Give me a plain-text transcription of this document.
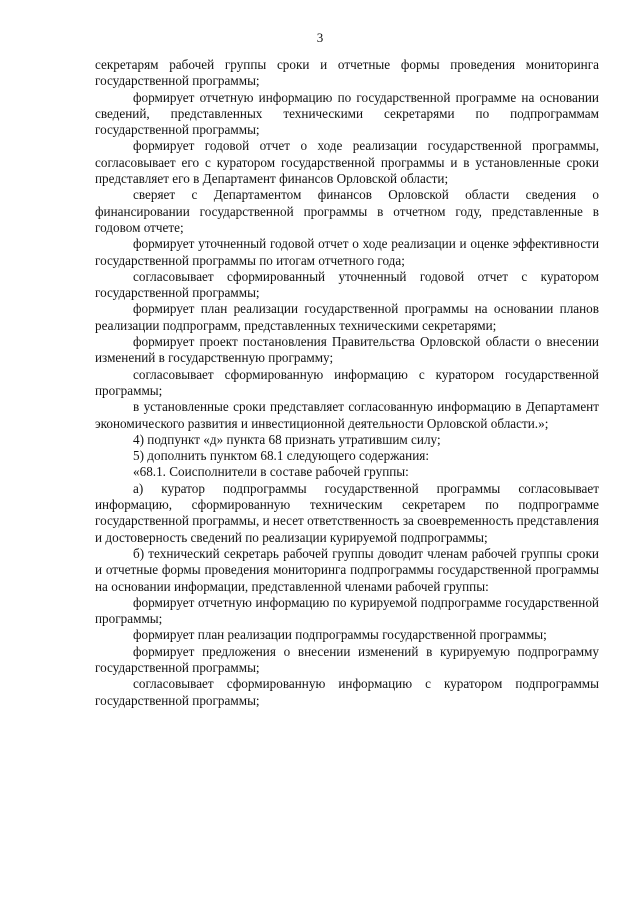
3

секретарям рабочей группы сроки и отчетные формы проведения мониторинга государственной программы;

формирует отчетную информацию по государственной программе на основании сведений, представленных техническими секретарями по подпрограммам государственной программы;

формирует годовой отчет о ходе реализации государственной программы, согласовывает его с куратором государственной программы и в установленные сроки представляет его в Департамент финансов Орловской области;

сверяет с Департаментом финансов Орловской области сведения о финансировании государственной программы в отчетном году, представленные в годовом отчете;

формирует уточненный годовой отчет о ходе реализации и оценке эффективности государственной программы по итогам отчетного года;

согласовывает сформированный уточненный годовой отчет с куратором государственной программы;

формирует план реализации государственной программы на основании планов реализации подпрограмм, представленных техническими секретарями;

формирует проект постановления Правительства Орловской области о внесении изменений в государственную программу;

согласовывает сформированную информацию с куратором государственной программы;

в установленные сроки представляет согласованную информацию в Департамент экономического развития и инвестиционной деятельности Орловской области.»;

4) подпункт «д» пункта 68 признать утратившим силу;

5) дополнить пунктом 68.1 следующего содержания:

«68.1. Соисполнители в составе рабочей группы:

а) куратор подпрограммы государственной программы согласовывает информацию, сформированную техническим секретарем по подпрограмме государственной программы, и несет ответственность за своевременность представления и достоверность сведений по реализации курируемой подпрограммы;

б) технический секретарь рабочей группы доводит членам рабочей группы сроки и отчетные формы проведения мониторинга подпрограммы государственной программы на основании информации, представленной членами рабочей группы:

формирует отчетную информацию по курируемой подпрограмме государственной программы;

формирует план реализации подпрограммы государственной программы;

формирует предложения о внесении изменений в курируемую подпрограмму государственной программы;

согласовывает сформированную информацию с куратором подпрограммы государственной программы;
